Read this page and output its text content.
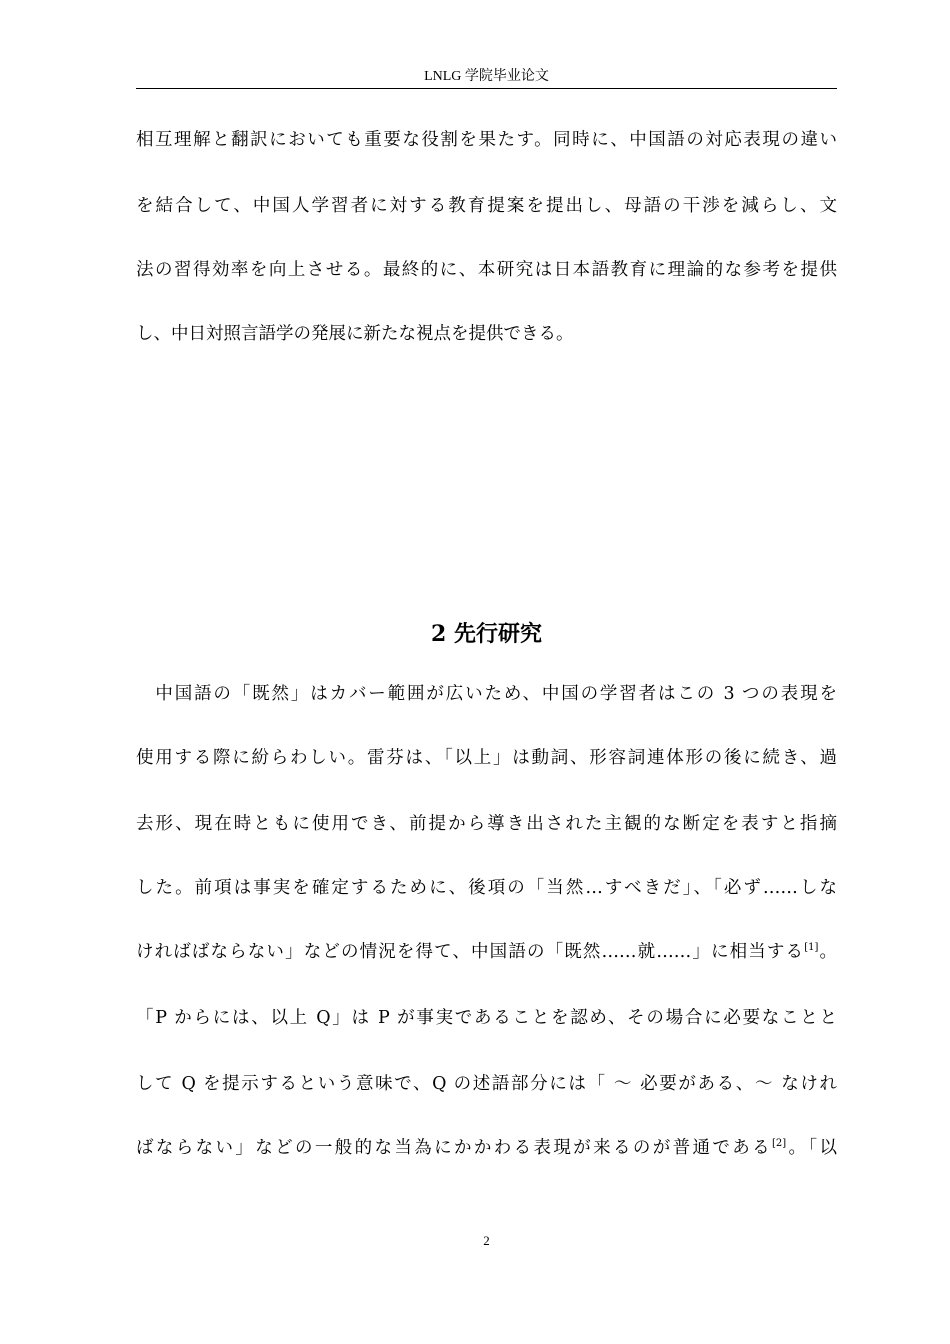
LNLG 学院毕业论文
相互理解と翻訳においても重要な役割を果たす。同時に、中国語の対応表現の違い
を結合して、中国人学習者に対する教育提案を提出し、母語の干渉を減らし、文
法の習得効率を向上させる。最終的に、本研究は日本語教育に理論的な参考を提供
し、中日対照言語学の発展に新たな視点を提供できる。
2 先行研究
　中国語の「既然」はカバー範囲が広いため、中国の学習者はこの 3 つの表現を
使用する際に紛らわしい。雷芬は、「以上」は動詞、形容詞連体形の後に続き、過
去形、現在時ともに使用でき、前提から導き出された主観的な断定を表すと指摘
した。前項は事実を確定するために、後項の「当然…すべきだ」、「必ず……しな
ければばならない」などの情況を得て、中国語の「既然……就……」に相当する[1]。
「P からには、以上 Q」は P が事実であることを認め、その場合に必要なことと
して Q を提示するという意味で、Q の述語部分には「 ～ 必要がある、～ なけれ
ばならない」などの一般的な当為にかかわる表現が来るのが普通である[2]。「以
2
